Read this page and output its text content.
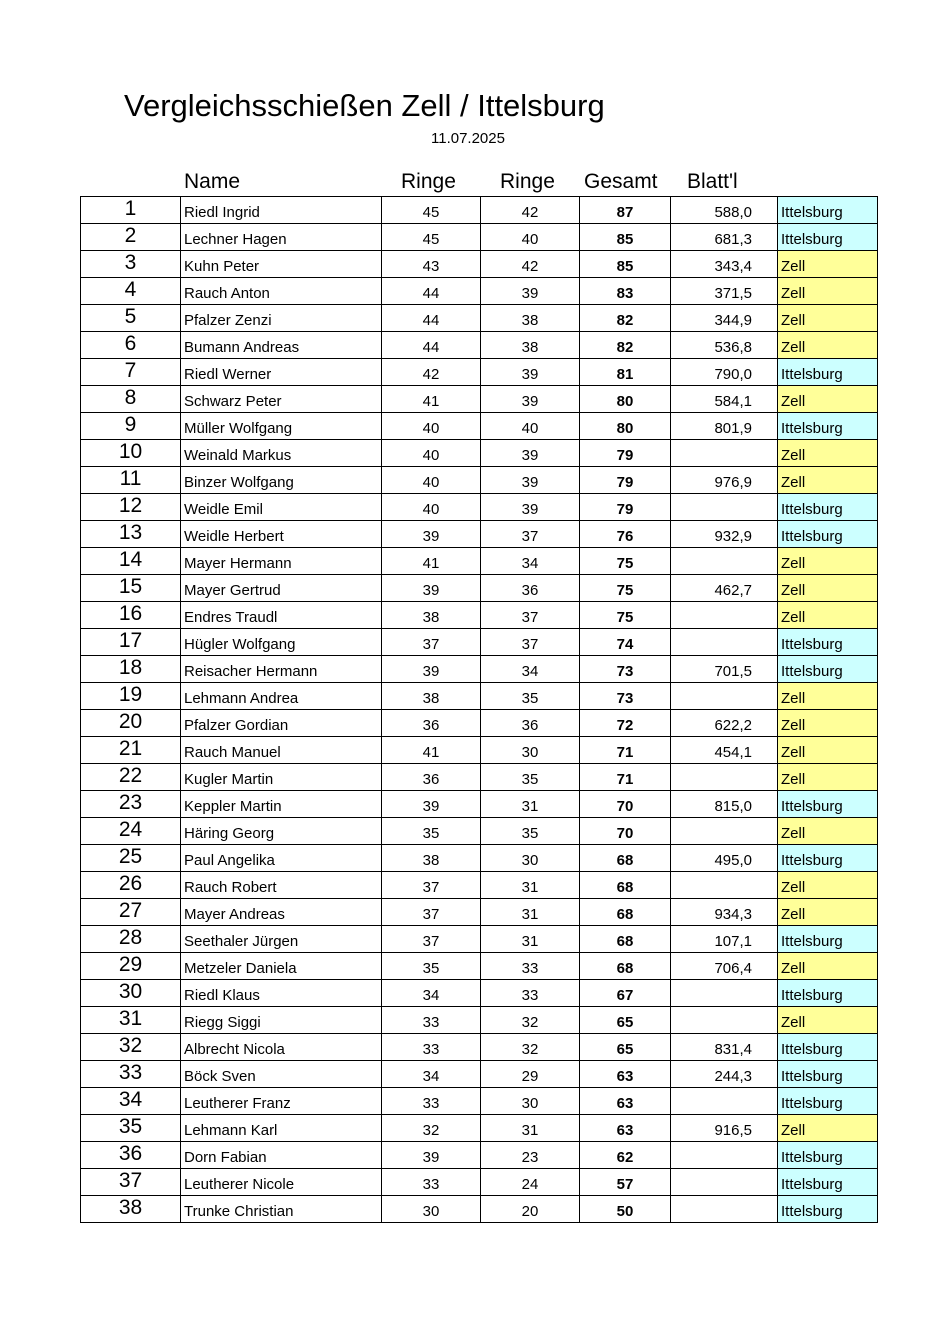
Vergleichsschießen Zell / Ittelsburg
11.07.2025
Name	Ringe Ringe Gesamt Blatt'l
1	Riedl Ingrid	45	42	87	588,0	Ittelsburg
2	Lechner Hagen	45	40	85	681,3	Ittelsburg
3	Kuhn Peter	43	42	85	343,4	Zell
4	Rauch Anton	44	39	83	371,5	Zell
5	Pfalzer Zenzi	44	38	82	344,9	Zell
6	Bumann Andreas	44	38	82	536,8	Zell
7	Riedl Werner	42	39	81	790,0	Ittelsburg
8	Schwarz Peter	41	39	80	584,1	Zell
9	Müller Wolfgang	40	40	80	801,9	Ittelsburg
10	Weinald Markus	40	39	79		Zell
11	Binzer Wolfgang	40	39	79	976,9	Zell
12	Weidle Emil	40	39	79		Ittelsburg
13	Weidle Herbert	39	37	76	932,9	Ittelsburg
14	Mayer Hermann	41	34	75		Zell
15	Mayer Gertrud	39	36	75	462,7	Zell
16	Endres Traudl	38	37	75		Zell
17	Hügler Wolfgang	37	37	74		Ittelsburg
18	Reisacher Hermann	39	34	73	701,5	Ittelsburg
19	Lehmann Andrea	38	35	73		Zell
20	Pfalzer Gordian	36	36	72	622,2	Zell
21	Rauch Manuel	41	30	71	454,1	Zell
22	Kugler Martin	36	35	71		Zell
23	Keppler Martin	39	31	70	815,0	Ittelsburg
24	Häring Georg	35	35	70		Zell
25	Paul Angelika	38	30	68	495,0	Ittelsburg
26	Rauch Robert	37	31	68		Zell
27	Mayer Andreas	37	31	68	934,3	Zell
28	Seethaler Jürgen	37	31	68	107,1	Ittelsburg
29	Metzeler Daniela	35	33	68	706,4	Zell
30	Riedl Klaus	34	33	67		Ittelsburg
31	Riegg Siggi	33	32	65		Zell
32	Albrecht Nicola	33	32	65	831,4	Ittelsburg
33	Böck Sven	34	29	63	244,3	Ittelsburg
34	Leutherer Franz	33	30	63		Ittelsburg
35	Lehmann Karl	32	31	63	916,5	Zell
36	Dorn Fabian	39	23	62		Ittelsburg
37	Leutherer Nicole	33	24	57		Ittelsburg
38	Trunke Christian	30	20	50		Ittelsburg
